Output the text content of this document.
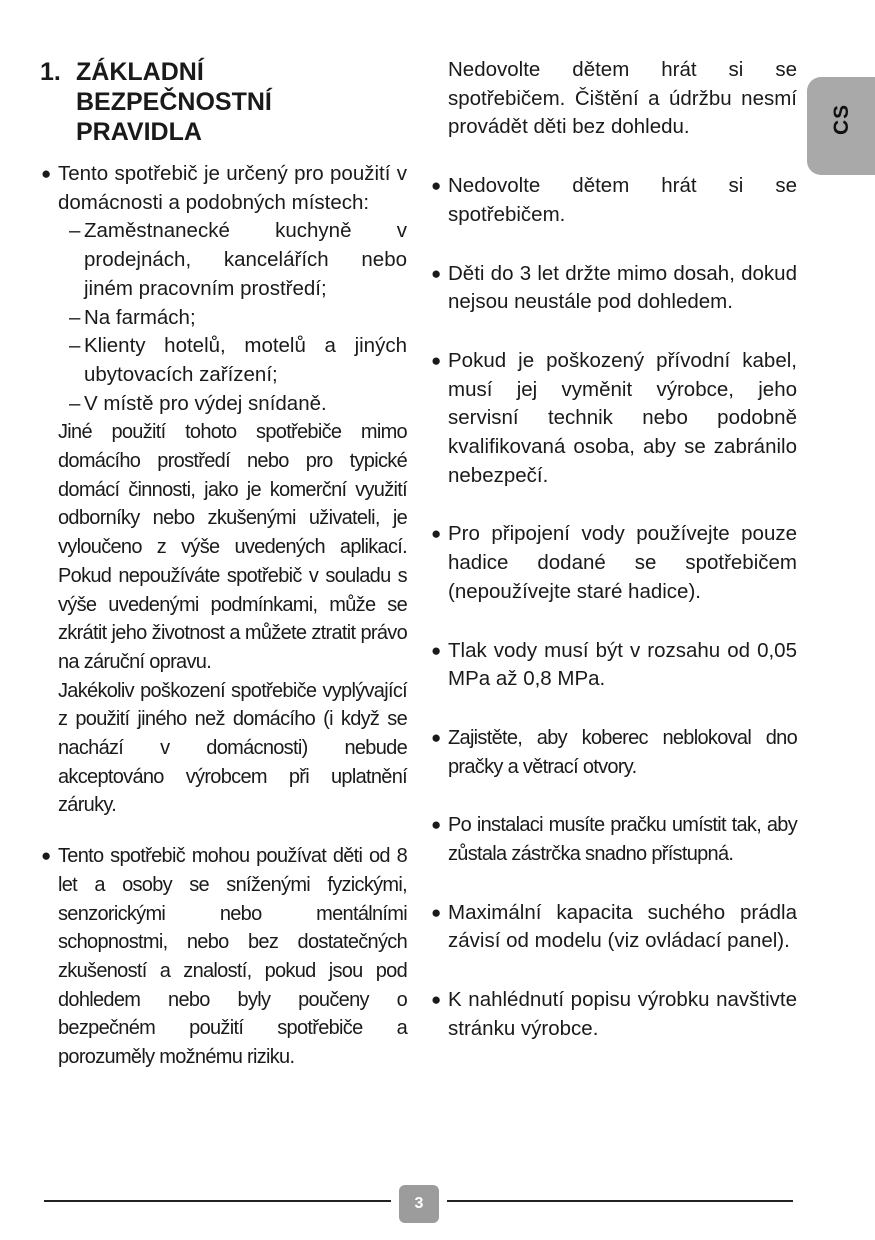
1. ZÁKLADNÍ BEZPEČNOSTNÍ PRAVIDLA	CS
● Tento spotřebič je určený pro použití v domácnosti a podobných místech:
– Zaměstnanecké kuchyně v prodejnách, kancelářích nebo jiném pracovním prostředí;
– Na farmách;
– Klienty hotelů, motelů a jiných ubytovacích zařízení;
– V místě pro výdej snídaně.

Jiné použití tohoto spotřebiče mimo domácího prostředí nebo pro typické domácí činnosti, jako je komerční využití odborníky nebo zkušenými uživateli, je vyloučeno z výše uvedených aplikací. Pokud nepoužíváte spotřebič v souladu s výše uvedenými podmínkami, může se zkrátit jeho životnost a můžete ztratit právo na záruční opravu.

Jakékoliv poškození spotřebiče vyplývající z použití jiného než domácího (i když se nachází v domácnosti) nebude akceptováno výrobcem při uplatnění záruky.

● Tento spotřebič mohou používat děti od 8 let a osoby se sníženými fyzickými, senzorickými nebo mentálními schopnostmi, nebo bez dostatečných zkušeností a znalostí, pokud jsou pod dohledem nebo byly poučeny o bezpečném použití spotřebiče a porozuměly možnému riziku.

Nedovolte dětem hrát si se spotřebičem. Čištění a údržbu nesmí provádět děti bez dohledu.

● Nedovolte dětem hrát si se spotřebičem.
● Děti do 3 let držte mimo dosah, dokud nejsou neustále pod dohledem.
● Pokud je poškozený přívodní kabel, musí jej vyměnit výrobce, jeho servisní technik nebo podobně kvalifikovaná osoba, aby se zabránilo nebezpečí.
● Pro připojení vody používejte pouze hadice dodané se spotřebičem (nepoužívejte staré hadice).
● Tlak vody musí být v rozsahu od 0,05 MPa až 0,8 MPa.
● Zajistěte, aby koberec neblokoval dno pračky a větrací otvory.
● Po instalaci musíte pračku umístit tak, aby zůstala zástrčka snadno přístupná.
● Maximální kapacita suchého prádla závisí od modelu (viz ovládací panel).
● K nahlédnutí popisu výrobku navštivte stránku výrobce.
3
